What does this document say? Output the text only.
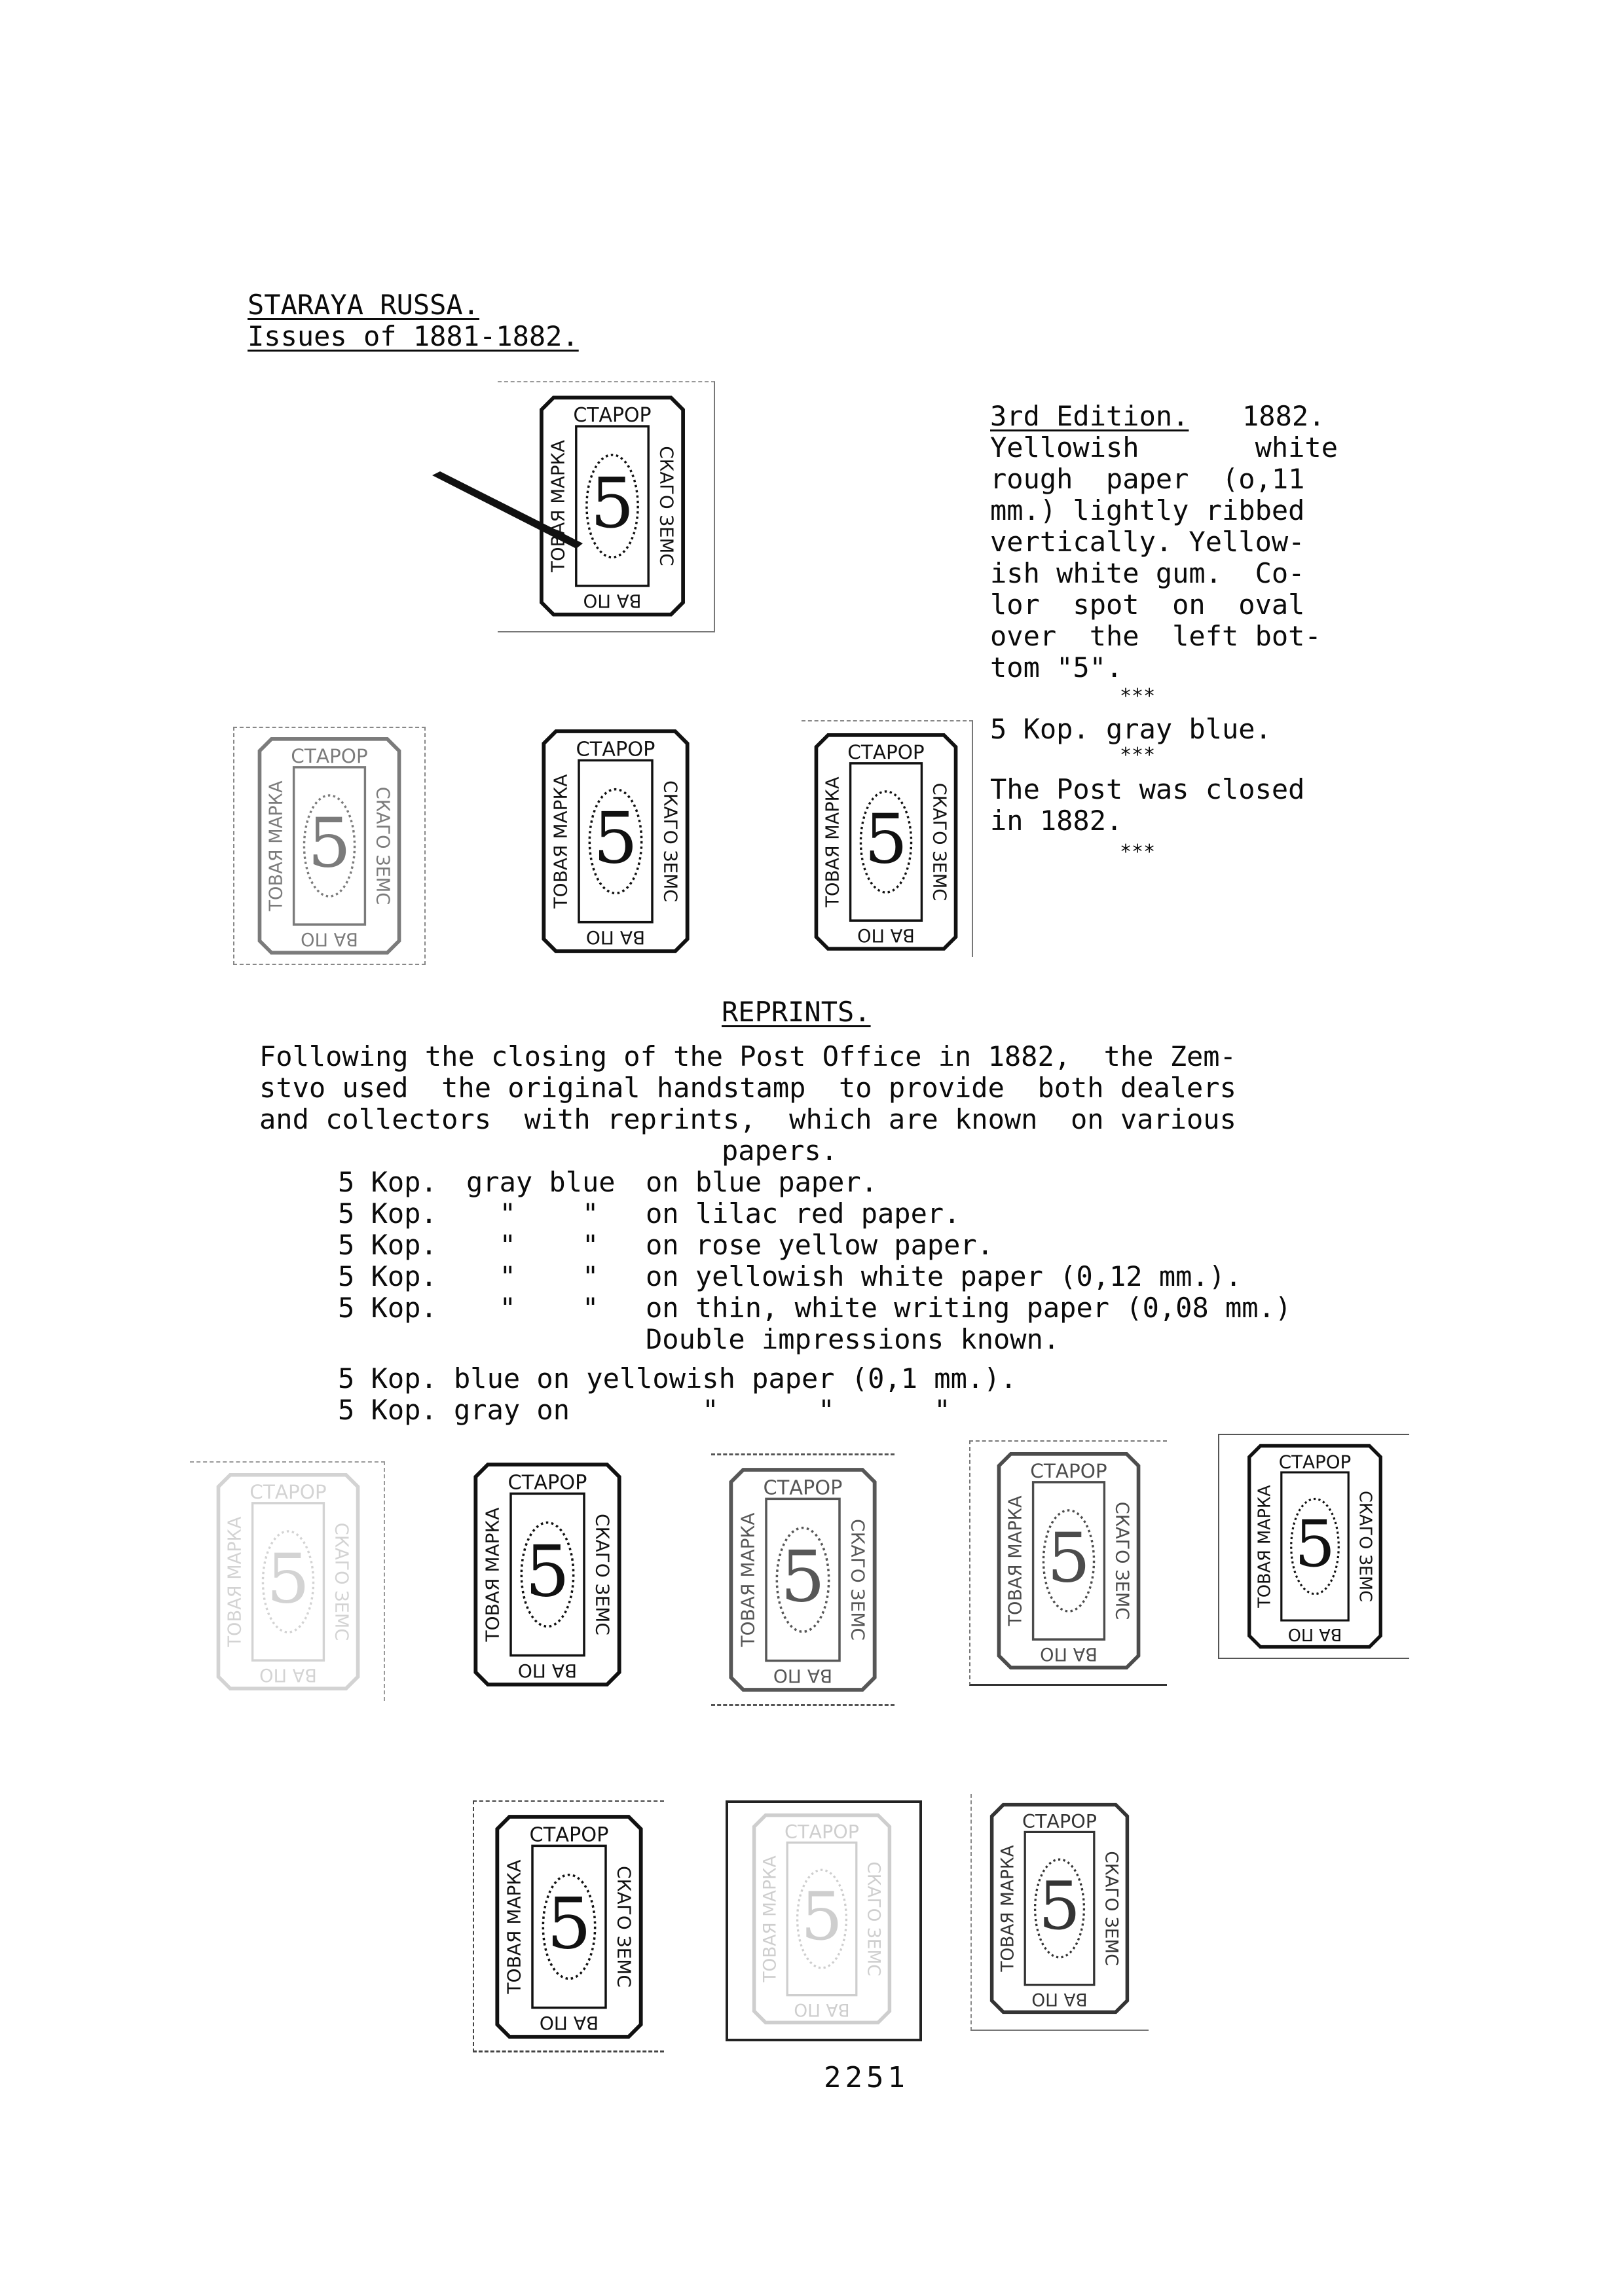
STARAYA RUSSA.
Issues of 1881-1882.
3rd Edition. 1882.
Yellowish       white
rough  paper  (o,11
mm.) lightly ribbed
vertically. Yellow-
ish white gum.  Co-
lor  spot  on  oval
over  the  left bot-
tom "5".
***
5 Kop. gray blue.
***
The Post was closed
in 1882.
***
REPRINTS.
Following the closing of the Post Office in 1882,  the Zem-
stvo used  the original handstamp  to provide  both dealers
and collectors  with reprints,  which are known  on various
papers.
5 Kop. gray blue on blue paper.
5 Kop. "    " on lilac red paper.
5 Kop. "    " on rose yellow paper.
5 Kop. "    " on yellowish white paper (0,12 mm.).
5 Kop. "    " on thin, white writing paper (0,08 mm.)
Double impressions known.
5 Kop. blue on yellowish paper (0,1 mm.).
5 Kop. gray on        "      "      "
2251
